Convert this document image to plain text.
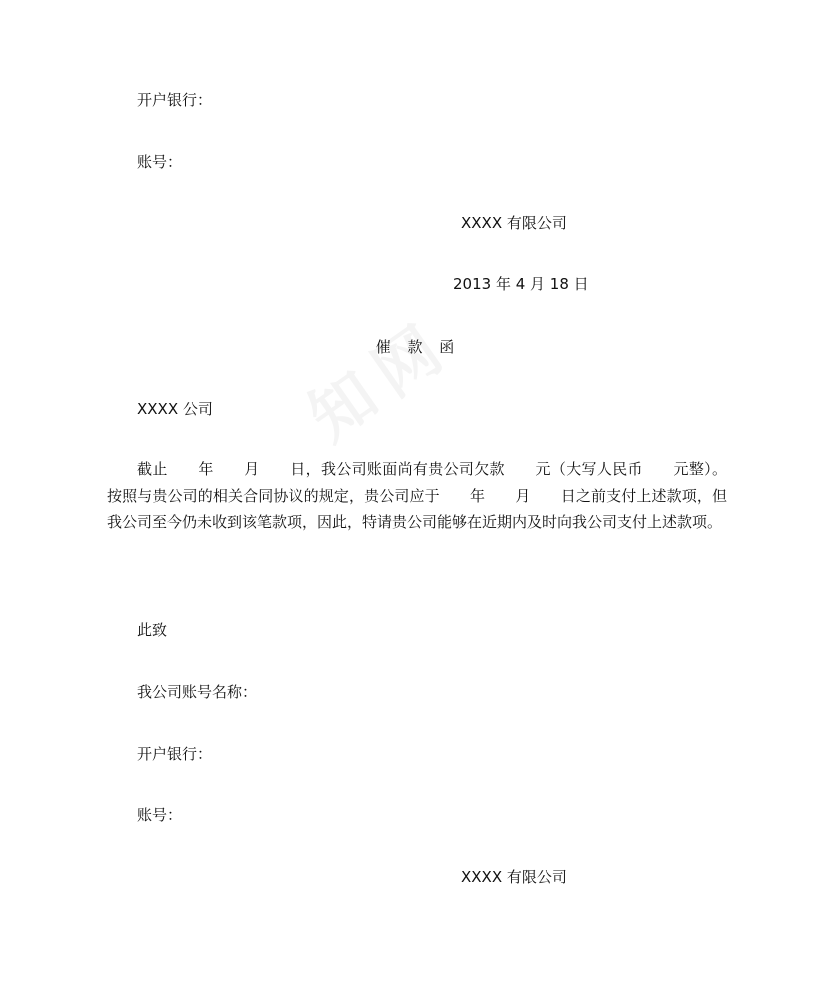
开户银行：
账号：
XXXX 有限公司
2013 年 4 月 18 日
催 款 函
XXXX 公司
截止　　年　　月　　日，我公司账面尚有贵公司欠款　　元（大写人民币　　元整）。按照与贵公司的相关合同协议的规定，贵公司应于　　年　　月　　日之前支付上述款项，但我公司至今仍未收到该笔款项，因此，特请贵公司能够在近期内及时向我公司支付上述款项。
此致
我公司账号名称：
开户银行：
账号：
XXXX 有限公司
